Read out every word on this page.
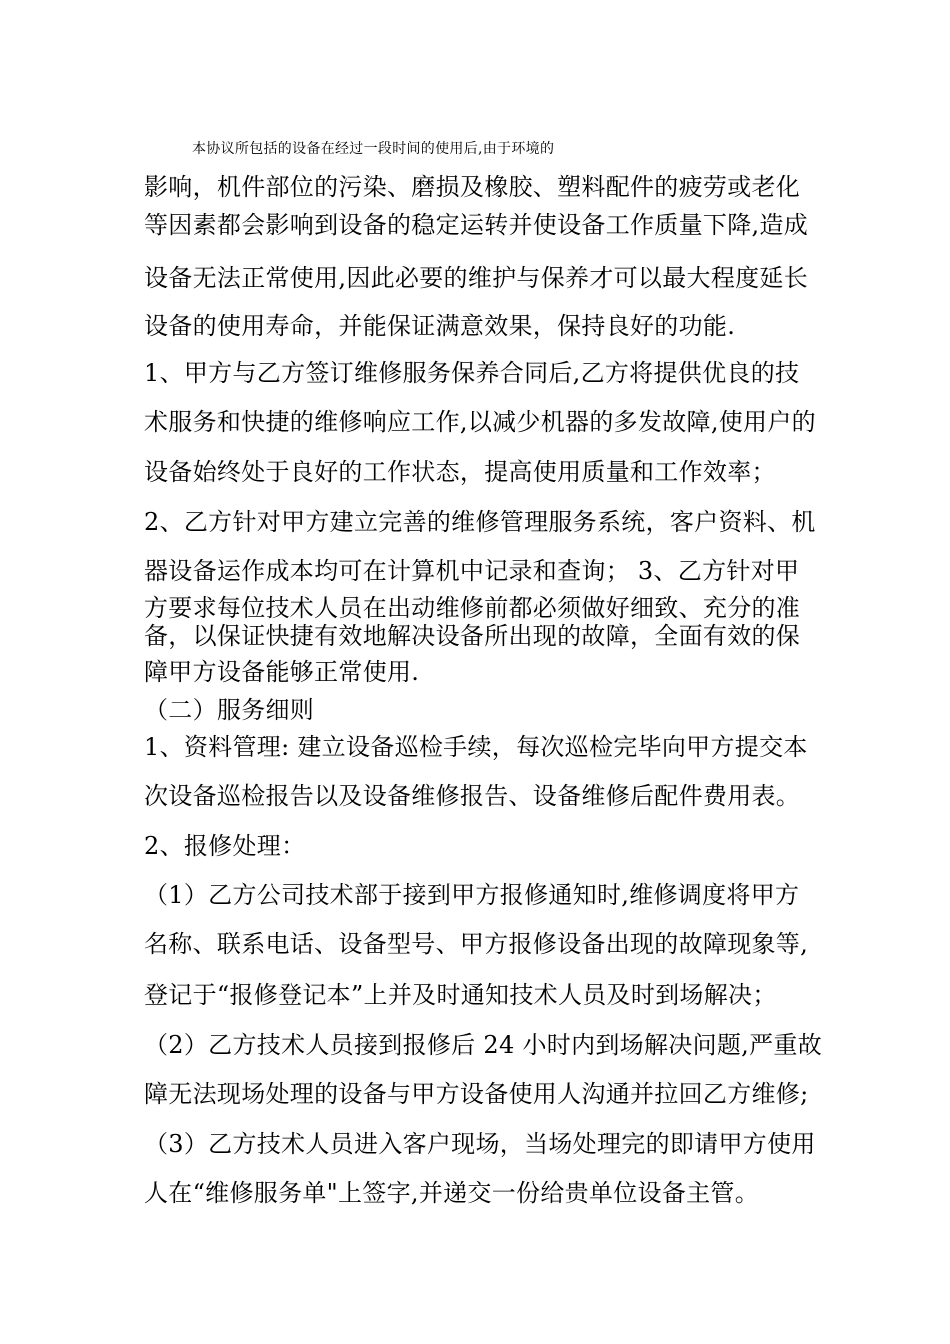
本协议所包括的设备在经过一段时间的使用后,由于环境的
影响，机件部位的污染、磨损及橡胶、塑料配件的疲劳或老化
等因素都会影响到设备的稳定运转并使设备工作质量下降,造成
设备无法正常使用,因此必要的维护与保养才可以最大程度延长
设备的使用寿命，并能保证满意效果，保持良好的功能.
1、甲方与乙方签订维修服务保养合同后,乙方将提供优良的技
术服务和快捷的维修响应工作,以减少机器的多发故障,使用户的
设备始终处于良好的工作状态，提高使用质量和工作效率；
2、乙方针对甲方建立完善的维修管理服务系统，客户资料、机
器设备运作成本均可在计算机中记录和查询； 3、乙方针对甲
方要求每位技术人员在出动维修前都必须做好细致、充分的准
备，以保证快捷有效地解决设备所出现的故障，全面有效的保
障甲方设备能够正常使用.
（二）服务细则
1、资料管理: 建立设备巡检手续，每次巡检完毕向甲方提交本
次设备巡检报告以及设备维修报告、设备维修后配件费用表。
2、报修处理：
（1）乙方公司技术部于接到甲方报修通知时,维修调度将甲方
名称、联系电话、设备型号、甲方报修设备出现的故障现象等,
登记于“报修登记本”上并及时通知技术人员及时到场解决；
（2）乙方技术人员接到报修后 24 小时内到场解决问题,严重故
障无法现场处理的设备与甲方设备使用人沟通并拉回乙方维修;
（3）乙方技术人员进入客户现场，当场处理完的即请甲方使用
人在“维修服务单"上签字,并递交一份给贵单位设备主管。
